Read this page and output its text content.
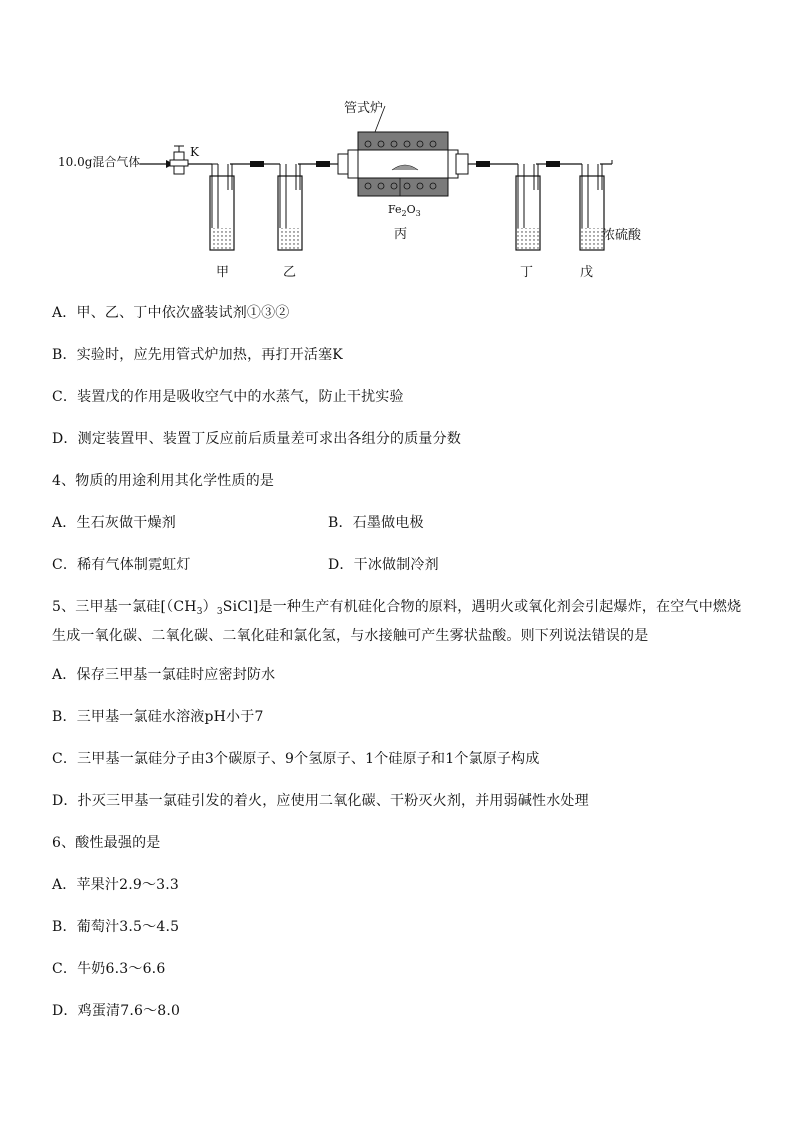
10.0g混合气体
K
管式炉
$Fe_2O_3$
甲	乙
丙
丁	戊
浓硫酸
A．甲、乙、丁中依次盛装试剂①③②
B．实验时，应先用管式炉加热，再打开活塞K
C．装置戊的作用是吸收空气中的水蒸气，防止干扰实验
D．测定装置甲、装置丁反应前后质量差可求出各组分的质量分数
4、物质的用途利用其化学性质的是
A．生石灰做干燥剂	B．石墨做电极
C．稀有气体制霓虹灯	D．干冰做制冷剂
5、三甲基一氯硅$[(CH_3)_3SiCl]$是一种生产有机硅化合物的原料，遇明火或氧化剂会引起爆炸，在空气中燃烧生成一氧化碳、二氧化碳、二氧化硅和氯化氢，与水接触可产生雾状盐酸。则下列说法错误的是
A．保存三甲基一氯硅时应密封防水
B．三甲基一氯硅水溶液pH小于7
C．三甲基一氯硅分子由3个碳原子、9个氢原子、1个硅原子和1个氯原子构成
D．扑灭三甲基一氯硅引发的着火，应使用二氧化碳、干粉灭火剂，并用弱碱性水处理
6、酸性最强的是
A．苹果汁2.9～3.3
B．葡萄汁3.5～4.5
C．牛奶6.3～6.6
D．鸡蛋清7.6～8.0
